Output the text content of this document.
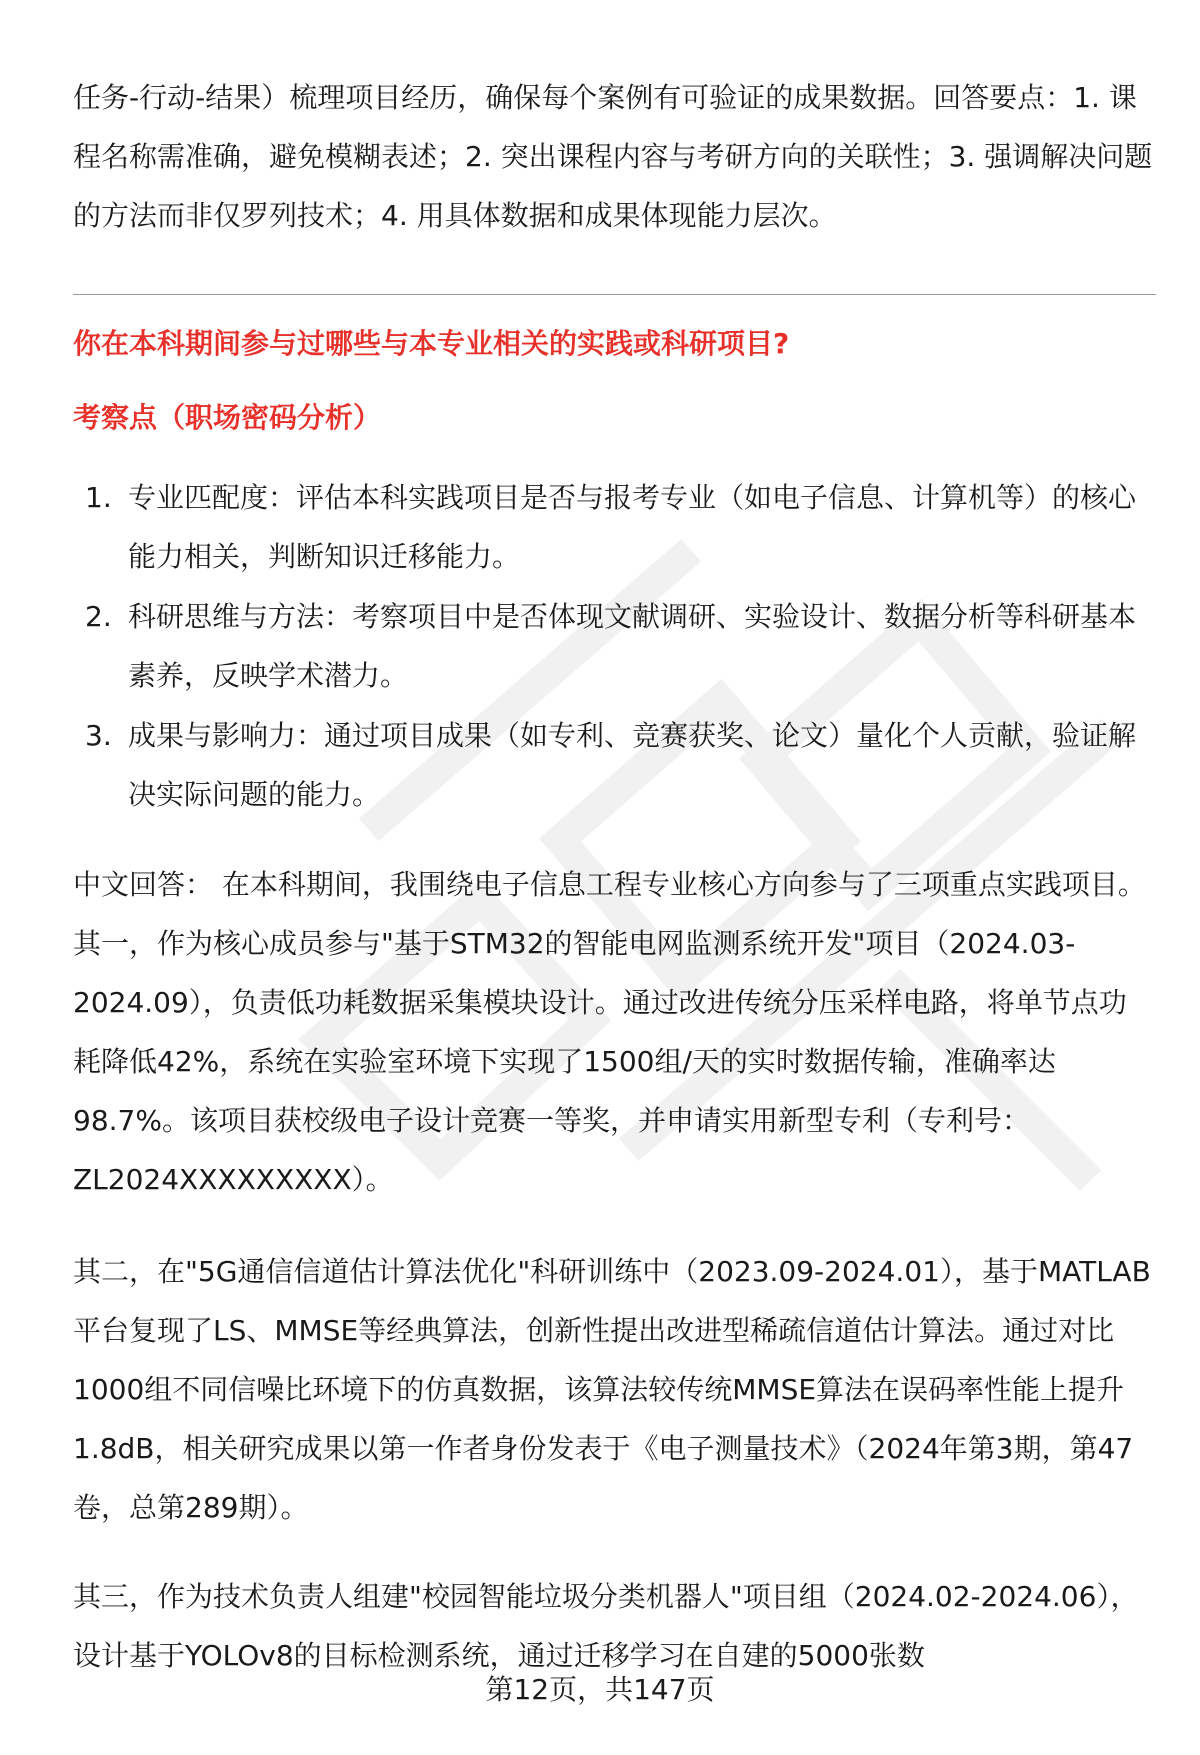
任务-行动-结果）梳理项目经历，确保每个案例有可验证的成果数据。回答要点：1. 课程名称需准确，避免模糊表述；2. 突出课程内容与考研方向的关联性；3. 强调解决问题的方法而非仅罗列技术；4. 用具体数据和成果体现能力层次。

你在本科期间参与过哪些与本专业相关的实践或科研项目?

考察点（职场密码分析）

1. 专业匹配度：评估本科实践项目是否与报考专业（如电子信息、计算机等）的核心能力相关，判断知识迁移能力。
2. 科研思维与方法：考察项目中是否体现文献调研、实验设计、数据分析等科研基本素养，反映学术潜力。
3. 成果与影响力：通过项目成果（如专利、竞赛获奖、论文）量化个人贡献，验证解决实际问题的能力。

中文回答： 在本科期间，我围绕电子信息工程专业核心方向参与了三项重点实践项目。其一，作为核心成员参与"基于STM32的智能电网监测系统开发"项目（2024.03-2024.09），负责低功耗数据采集模块设计。通过改进传统分压采样电路，将单节点功耗降低42%，系统在实验室环境下实现了1500组/天的实时数据传输，准确率达98.7%。该项目获校级电子设计竞赛一等奖，并申请实用新型专利（专利号：ZL2024XXXXXXXXX）。

其二，在"5G通信信道估计算法优化"科研训练中（2023.09-2024.01），基于MATLAB平台复现了LS、MMSE等经典算法，创新性提出改进型稀疏信道估计算法。通过对比1000组不同信噪比环境下的仿真数据，该算法较传统MMSE算法在误码率性能上提升1.8dB，相关研究成果以第一作者身份发表于《电子测量技术》（2024年第3期，第47卷，总第289期）。

其三，作为技术负责人组建"校园智能垃圾分类机器人"项目组（2024.02-2024.06），设计基于YOLOv8的目标检测系统，通过迁移学习在自建的5000张数

第12页，共147页
